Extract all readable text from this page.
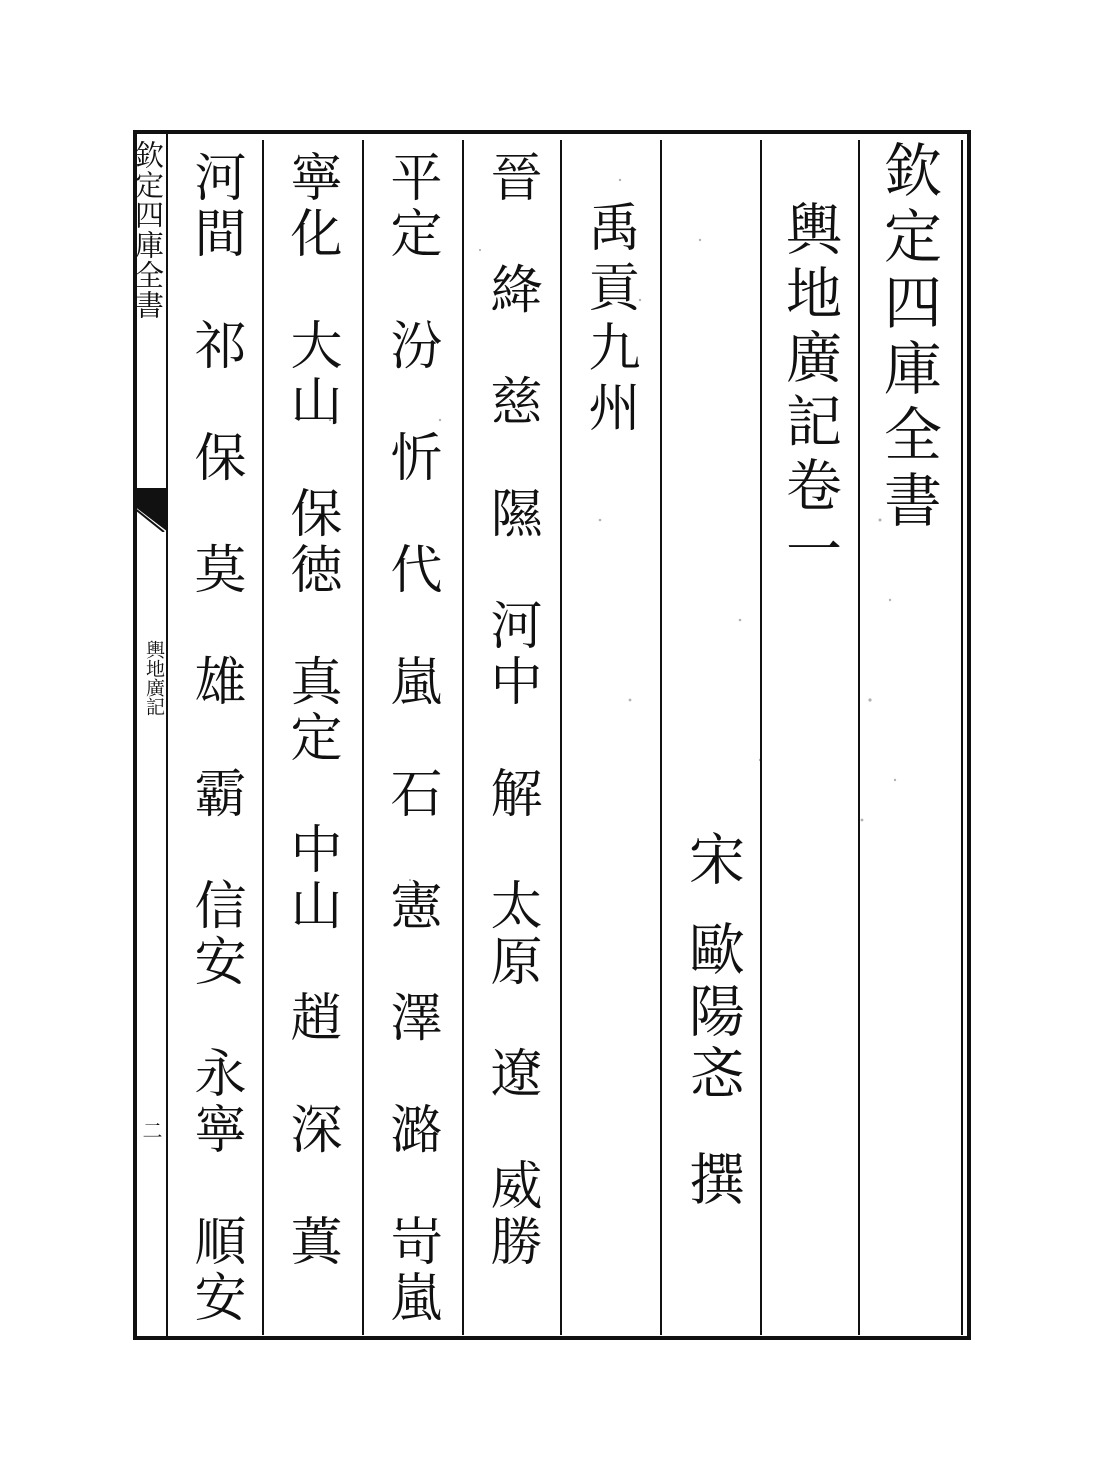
欽定四庫全書
輿地廣記
二
欽定四庫全書
輿地廣記卷一
宋
歐陽忞
撰
禹貢九州
晉　絳　慈　隰　河中　解　太原　遼　威勝
平定　汾　忻　代　嵐　石　憲　澤　潞　岢嵐
寧化　大山　保徳　真定　中山　趙　深　蒖
河間　祁　保　莫　雄　霸　信安　永寧　順安
